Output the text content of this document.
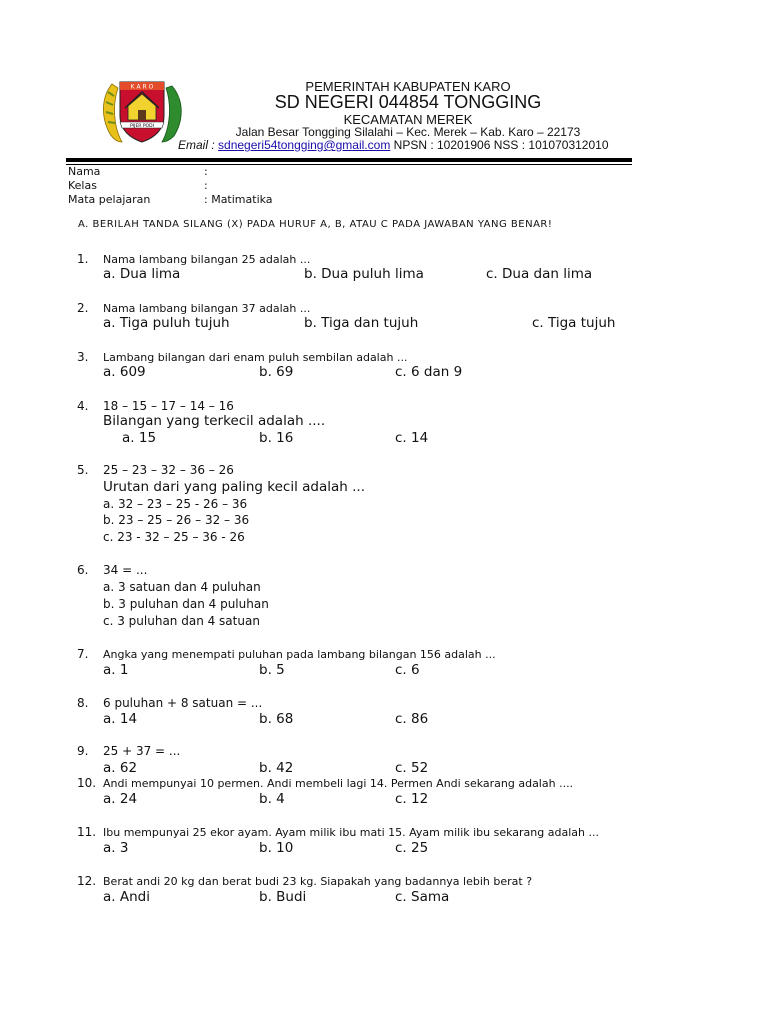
K A R O
PIJER PODI
PEMERINTAH KABUPATEN KARO
SD NEGERI 044854 TONGGING
KECAMATAN MEREK
Jalan Besar Tongging Silalahi – Kec. Merek – Kab. Karo – 22173
Email : sdnegeri54tongging@gmail.com NPSN : 10201906 NSS : 101070312010
Nama	:
Kelas	:
Mata pelajaran	: Matimatika
A. BERILAH TANDA SILANG (X) PADA HURUF A, B, ATAU C PADA JAWABAN YANG BENAR!
1. Nama lambang bilangan 25 adalah ...
a. Dua lima	b. Dua puluh lima	c. Dua dan lima
2. Nama lambang bilangan 37 adalah ...
a. Tiga puluh tujuh	b. Tiga dan tujuh	c. Tiga tujuh
3. Lambang bilangan dari enam puluh sembilan adalah ...
a. 609	b. 69	c. 6 dan 9
4. 18 – 15 – 17 – 14 – 16
Bilangan yang terkecil adalah ....
a. 15	b. 16	c. 14
5. 25 – 23 – 32 – 36 – 26
Urutan dari yang paling kecil adalah ...
a. 32 – 23 – 25 - 26 – 36
b. 23 – 25 – 26 – 32 – 36
c. 23 - 32 – 25 – 36 - 26
6. 34 = ...
a. 3 satuan dan 4 puluhan
b. 3 puluhan dan 4 puluhan
c. 3 puluhan dan 4 satuan
7. Angka yang menempati puluhan pada lambang bilangan 156 adalah ...
a. 1	b. 5	c. 6
8. 6 puluhan + 8 satuan = ...
a. 14	b. 68	c. 86
9. 25 + 37 = ...
a. 62	b. 42	c. 52
10. Andi mempunyai 10 permen. Andi membeli lagi 14. Permen Andi sekarang adalah ....
a. 24	b. 4	c. 12
11. Ibu mempunyai 25 ekor ayam. Ayam milik ibu mati 15. Ayam milik ibu sekarang adalah ...
a. 3	b. 10	c. 25
12. Berat andi 20 kg dan berat budi 23 kg. Siapakah yang badannya lebih berat ?
a. Andi	b. Budi	c. Sama
